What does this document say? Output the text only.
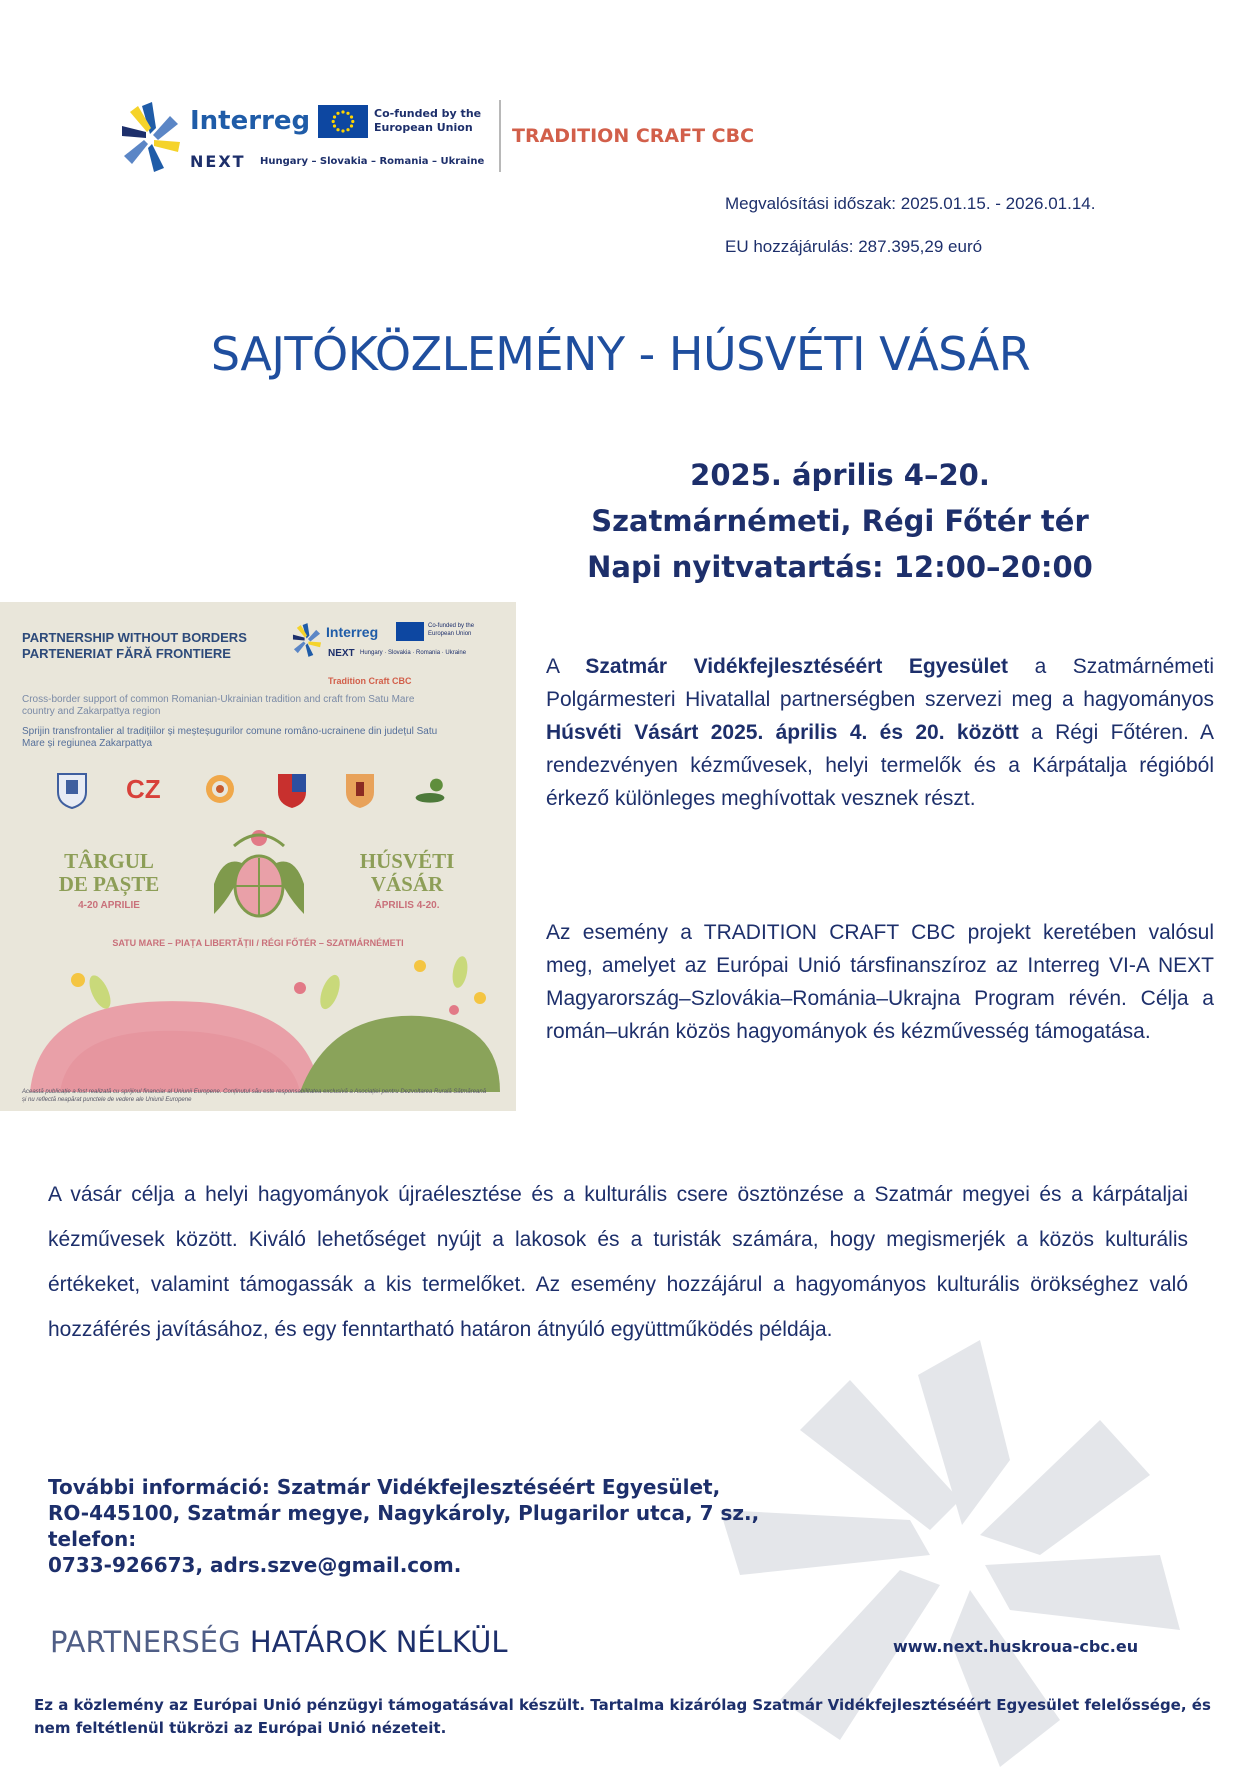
Interreg
NEXT Hungary – Slovakia – Romania – Ukraine
Co-funded by the European Union	TRADITION CRAFT CBC
Megvalósítási időszak: 2025.01.15. - 2026.01.14.
EU hozzájárulás: 287.395,29 euró
SAJTÓKÖZLEMÉNY - HÚSVÉTI VÁSÁR
2025. április 4–20.
Szatmárnémeti, Régi Főtér tér
Napi nyitvatartás: 12:00–20:00
PARTNERSHIP WITHOUT BORDERS
PARTENERIAT FĂRĂ FRONTIERE
Cross-border support of common Romanian-Ukrainian tradition and craft from Satu Mare country and Zakarpattya region
Sprijin transfrontalier al tradițiilor și meșteșugurilor comune româno-ucrainene din județul Satu Mare și regiunea Zakarpattya
Interreg
NEXT Hungary · Slovakia · Romania · Ukraine
Co-funded by the European Union
Tradition Craft CBC
CZ
TÂRGUL DE PAȘTE
4-20 APRILIE
HÚSVÉTI VÁSÁR
ÁPRILIS 4-20.
SATU MARE – PIAȚA LIBERTĂȚII / RÉGI FŐTÉR – SZATMÁRNÉMETI
Această publicație a fost realizată cu sprijinul financiar al Uniunii Europene. Conținutul său este responsabilitatea exclusivă a Asociației pentru Dezvoltarea Rurală Sătmăreană și nu reflectă neapărat punctele de vedere ale Uniunii Europene
A Szatmár Vidékfejlesztéséért Egyesület a Szatmárnémeti Polgármesteri Hivatallal partnerségben szervezi meg a hagyományos Húsvéti Vásárt 2025. április 4. és 20. között a Régi Főtéren. A rendezvényen kézművesek, helyi termelők és a Kárpátalja régióból érkező különleges meghívottak vesznek részt.
Az esemény a TRADITION CRAFT CBC projekt keretében valósul meg, amelyet az Európai Unió társfinanszíroz az Interreg VI-A NEXT Magyarország–Szlovákia–Románia–Ukrajna Program révén. Célja a román–ukrán közös hagyományok és kézművesség támogatása.
A vásár célja a helyi hagyományok újraélesztése és a kulturális csere ösztönzése a Szatmár megyei és a kárpátaljai kézművesek között. Kiváló lehetőséget nyújt a lakosok és a turisták számára, hogy megismerjék a közös kulturális értékeket, valamint támogassák a kis termelőket. Az esemény hozzájárul a hagyományos kulturális örökséghez való hozzáférés javításához, és egy fenntartható határon átnyúló együttműködés példája.
További információ: Szatmár Vidékfejlesztéséért Egyesület,
RO-445100, Szatmár megye, Nagykároly, Plugarilor utca, 7 sz.,
telefon:
0733-926673, adrs.szve@gmail.com.
PARTNERSÉG HATÁROK NÉLKÜL	www.next.huskroua-cbc.eu
Ez a közlemény az Európai Unió pénzügyi támogatásával készült. Tartalma kizárólag Szatmár Vidékfejlesztéséért Egyesület felelőssége, és nem feltétlenül tükrözi az Európai Unió nézeteit.
